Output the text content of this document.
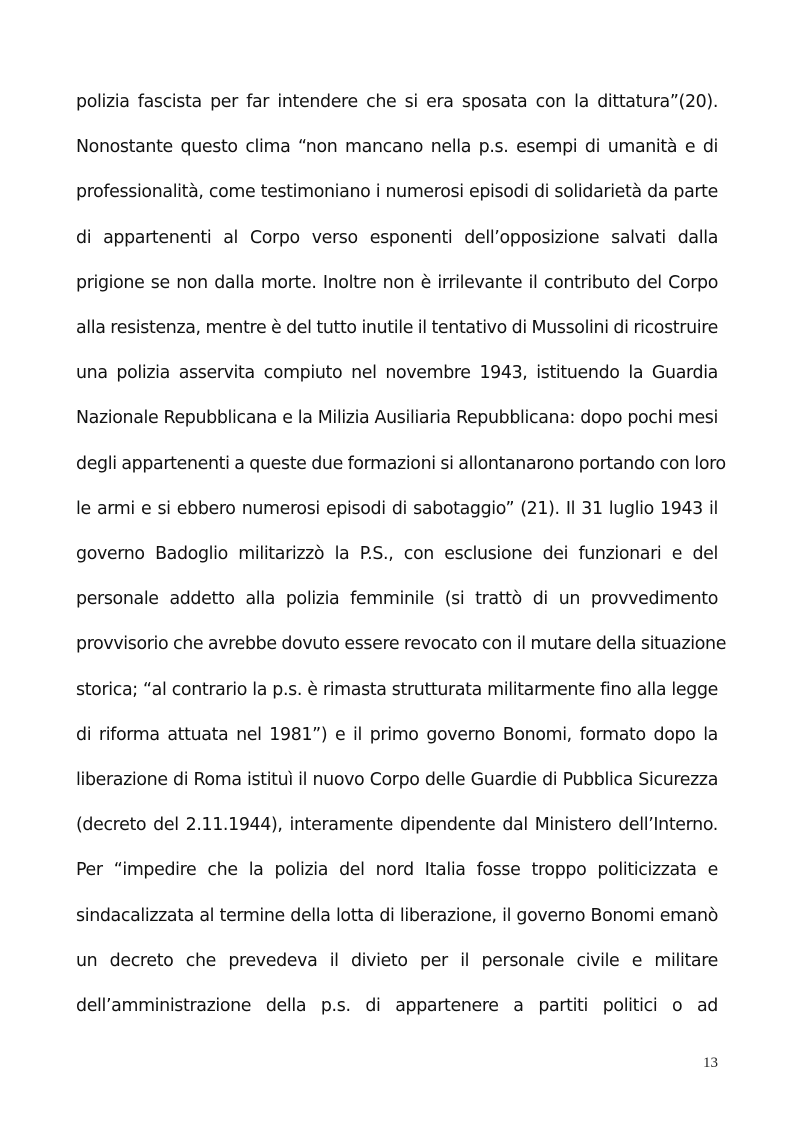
polizia fascista per far intendere che si era sposata con la dittatura”(20).
Nonostante questo clima “non mancano nella p.s. esempi di umanità e di
professionalità, come testimoniano i numerosi episodi di solidarietà da parte
di appartenenti al Corpo verso esponenti dell’opposizione salvati dalla
prigione se non dalla morte. Inoltre non è irrilevante il contributo del Corpo
alla resistenza, mentre è del tutto inutile il tentativo di Mussolini di ricostruire
una polizia asservita compiuto nel novembre 1943, istituendo la Guardia
Nazionale Repubblicana e la Milizia Ausiliaria Repubblicana: dopo pochi mesi
degli appartenenti a queste due formazioni si allontanarono portando con loro
le armi e si ebbero numerosi episodi di sabotaggio” (21). Il 31 luglio 1943 il
governo Badoglio militarizzò la P.S., con esclusione dei funzionari e del
personale addetto alla polizia femminile (si trattò di un provvedimento
provvisorio che avrebbe dovuto essere revocato con il mutare della situazione
storica; “al contrario la p.s. è rimasta strutturata militarmente fino alla legge
di riforma attuata nel 1981”) e il primo governo Bonomi, formato dopo la
liberazione di Roma istituì il nuovo Corpo delle Guardie di Pubblica Sicurezza
(decreto del 2.11.1944), interamente dipendente dal Ministero dell’Interno.
Per “impedire che la polizia del nord Italia fosse troppo politicizzata e
sindacalizzata al termine della lotta di liberazione, il governo Bonomi emanò
un decreto che prevedeva il divieto per il personale civile e militare
dell’amministrazione della p.s. di appartenere a partiti politici o ad
13
